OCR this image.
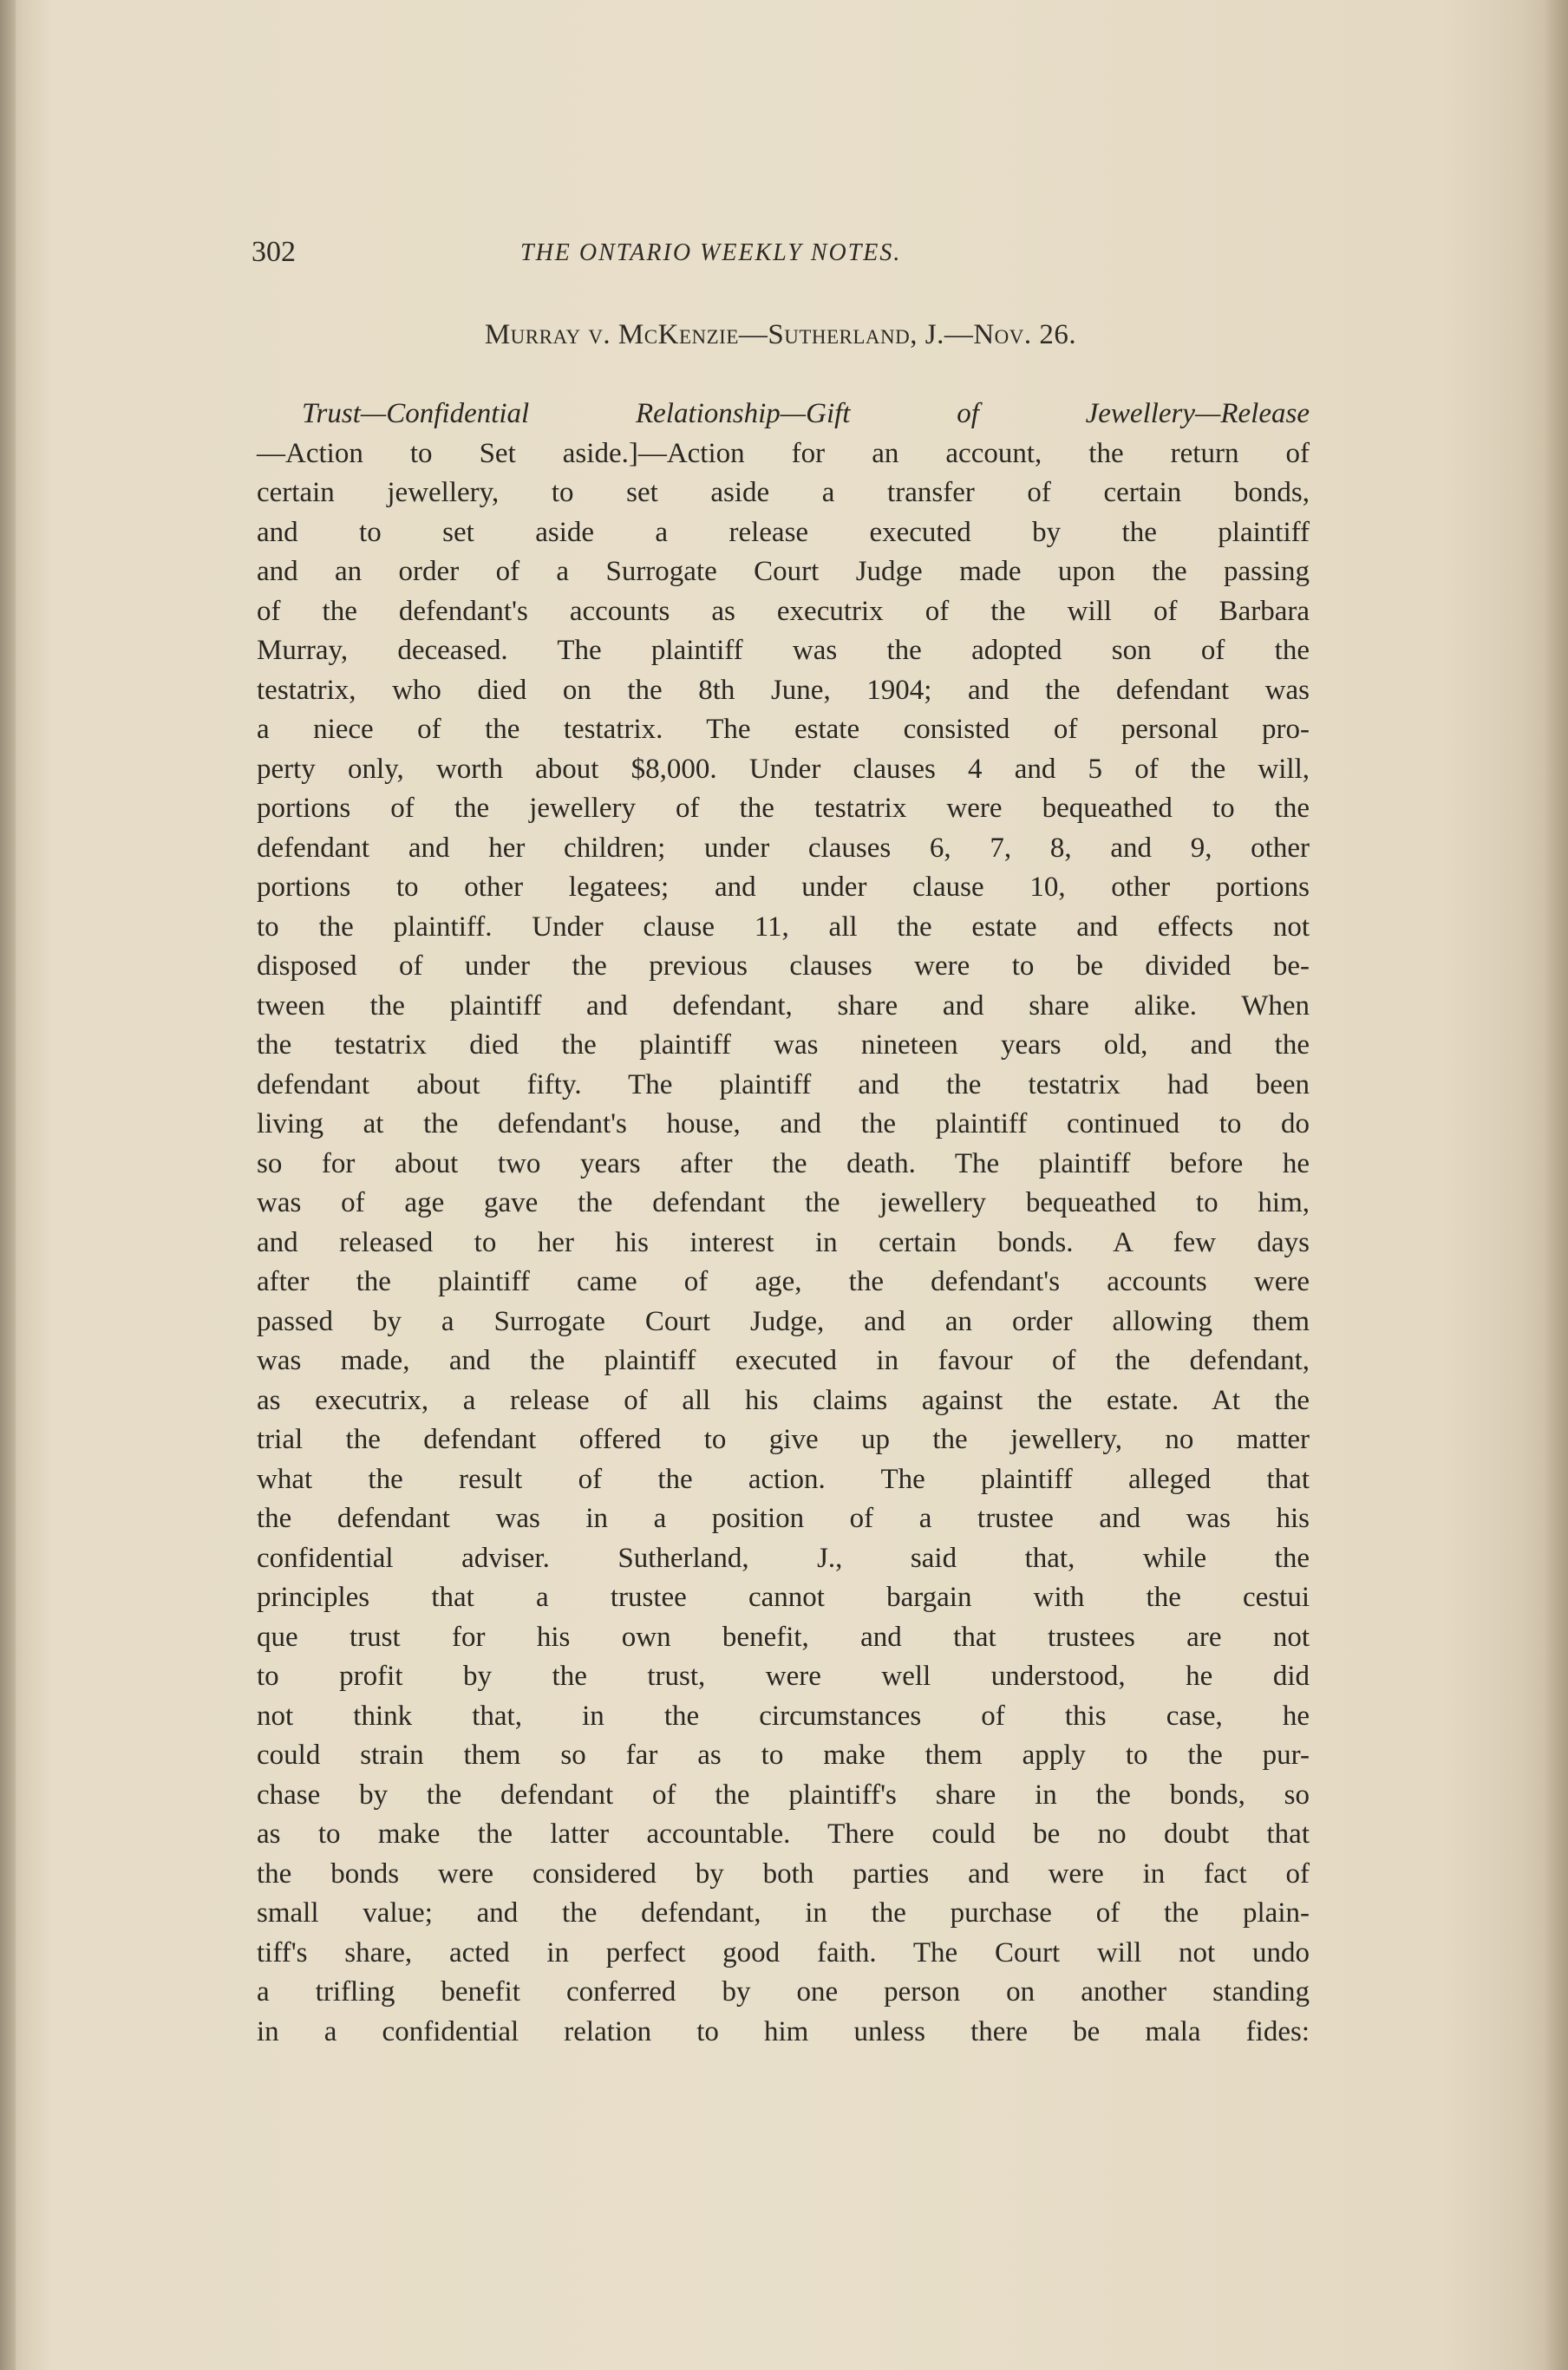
302	THE ONTARIO WEEKLY NOTES.
Murray v. McKenzie—Sutherland, J.—Nov. 26.
Trust—Confidential Relationship—Gift of Jewellery—Release
—Action to Set aside.]—Action for an account, the return of
certain jewellery, to set aside a transfer of certain bonds,
and to set aside a release executed by the plaintiff
and an order of a Surrogate Court Judge made upon the passing
of the defendant's accounts as executrix of the will of Barbara
Murray, deceased. The plaintiff was the adopted son of the
testatrix, who died on the 8th June, 1904; and the defendant was
a niece of the testatrix. The estate consisted of personal pro-
perty only, worth about $8,000. Under clauses 4 and 5 of the will,
portions of the jewellery of the testatrix were bequeathed to the
defendant and her children; under clauses 6, 7, 8, and 9, other
portions to other legatees; and under clause 10, other portions
to the plaintiff. Under clause 11, all the estate and effects not
disposed of under the previous clauses were to be divided be-
tween the plaintiff and defendant, share and share alike. When
the testatrix died the plaintiff was nineteen years old, and the
defendant about fifty. The plaintiff and the testatrix had been
living at the defendant's house, and the plaintiff continued to do
so for about two years after the death. The plaintiff before he
was of age gave the defendant the jewellery bequeathed to him,
and released to her his interest in certain bonds. A few days
after the plaintiff came of age, the defendant's accounts were
passed by a Surrogate Court Judge, and an order allowing them
was made, and the plaintiff executed in favour of the defendant,
as executrix, a release of all his claims against the estate. At the
trial the defendant offered to give up the jewellery, no matter
what the result of the action. The plaintiff alleged that
the defendant was in a position of a trustee and was his
confidential adviser. Sutherland, J., said that, while the
principles that a trustee cannot bargain with the cestui
que trust for his own benefit, and that trustees are not
to profit by the trust, were well understood, he did
not think that, in the circumstances of this case, he
could strain them so far as to make them apply to the pur-
chase by the defendant of the plaintiff's share in the bonds, so
as to make the latter accountable. There could be no doubt that
the bonds were considered by both parties and were in fact of
small value; and the defendant, in the purchase of the plain-
tiff's share, acted in perfect good faith. The Court will not undo
a trifling benefit conferred by one person on another standing
in a confidential relation to him unless there be mala fides:
